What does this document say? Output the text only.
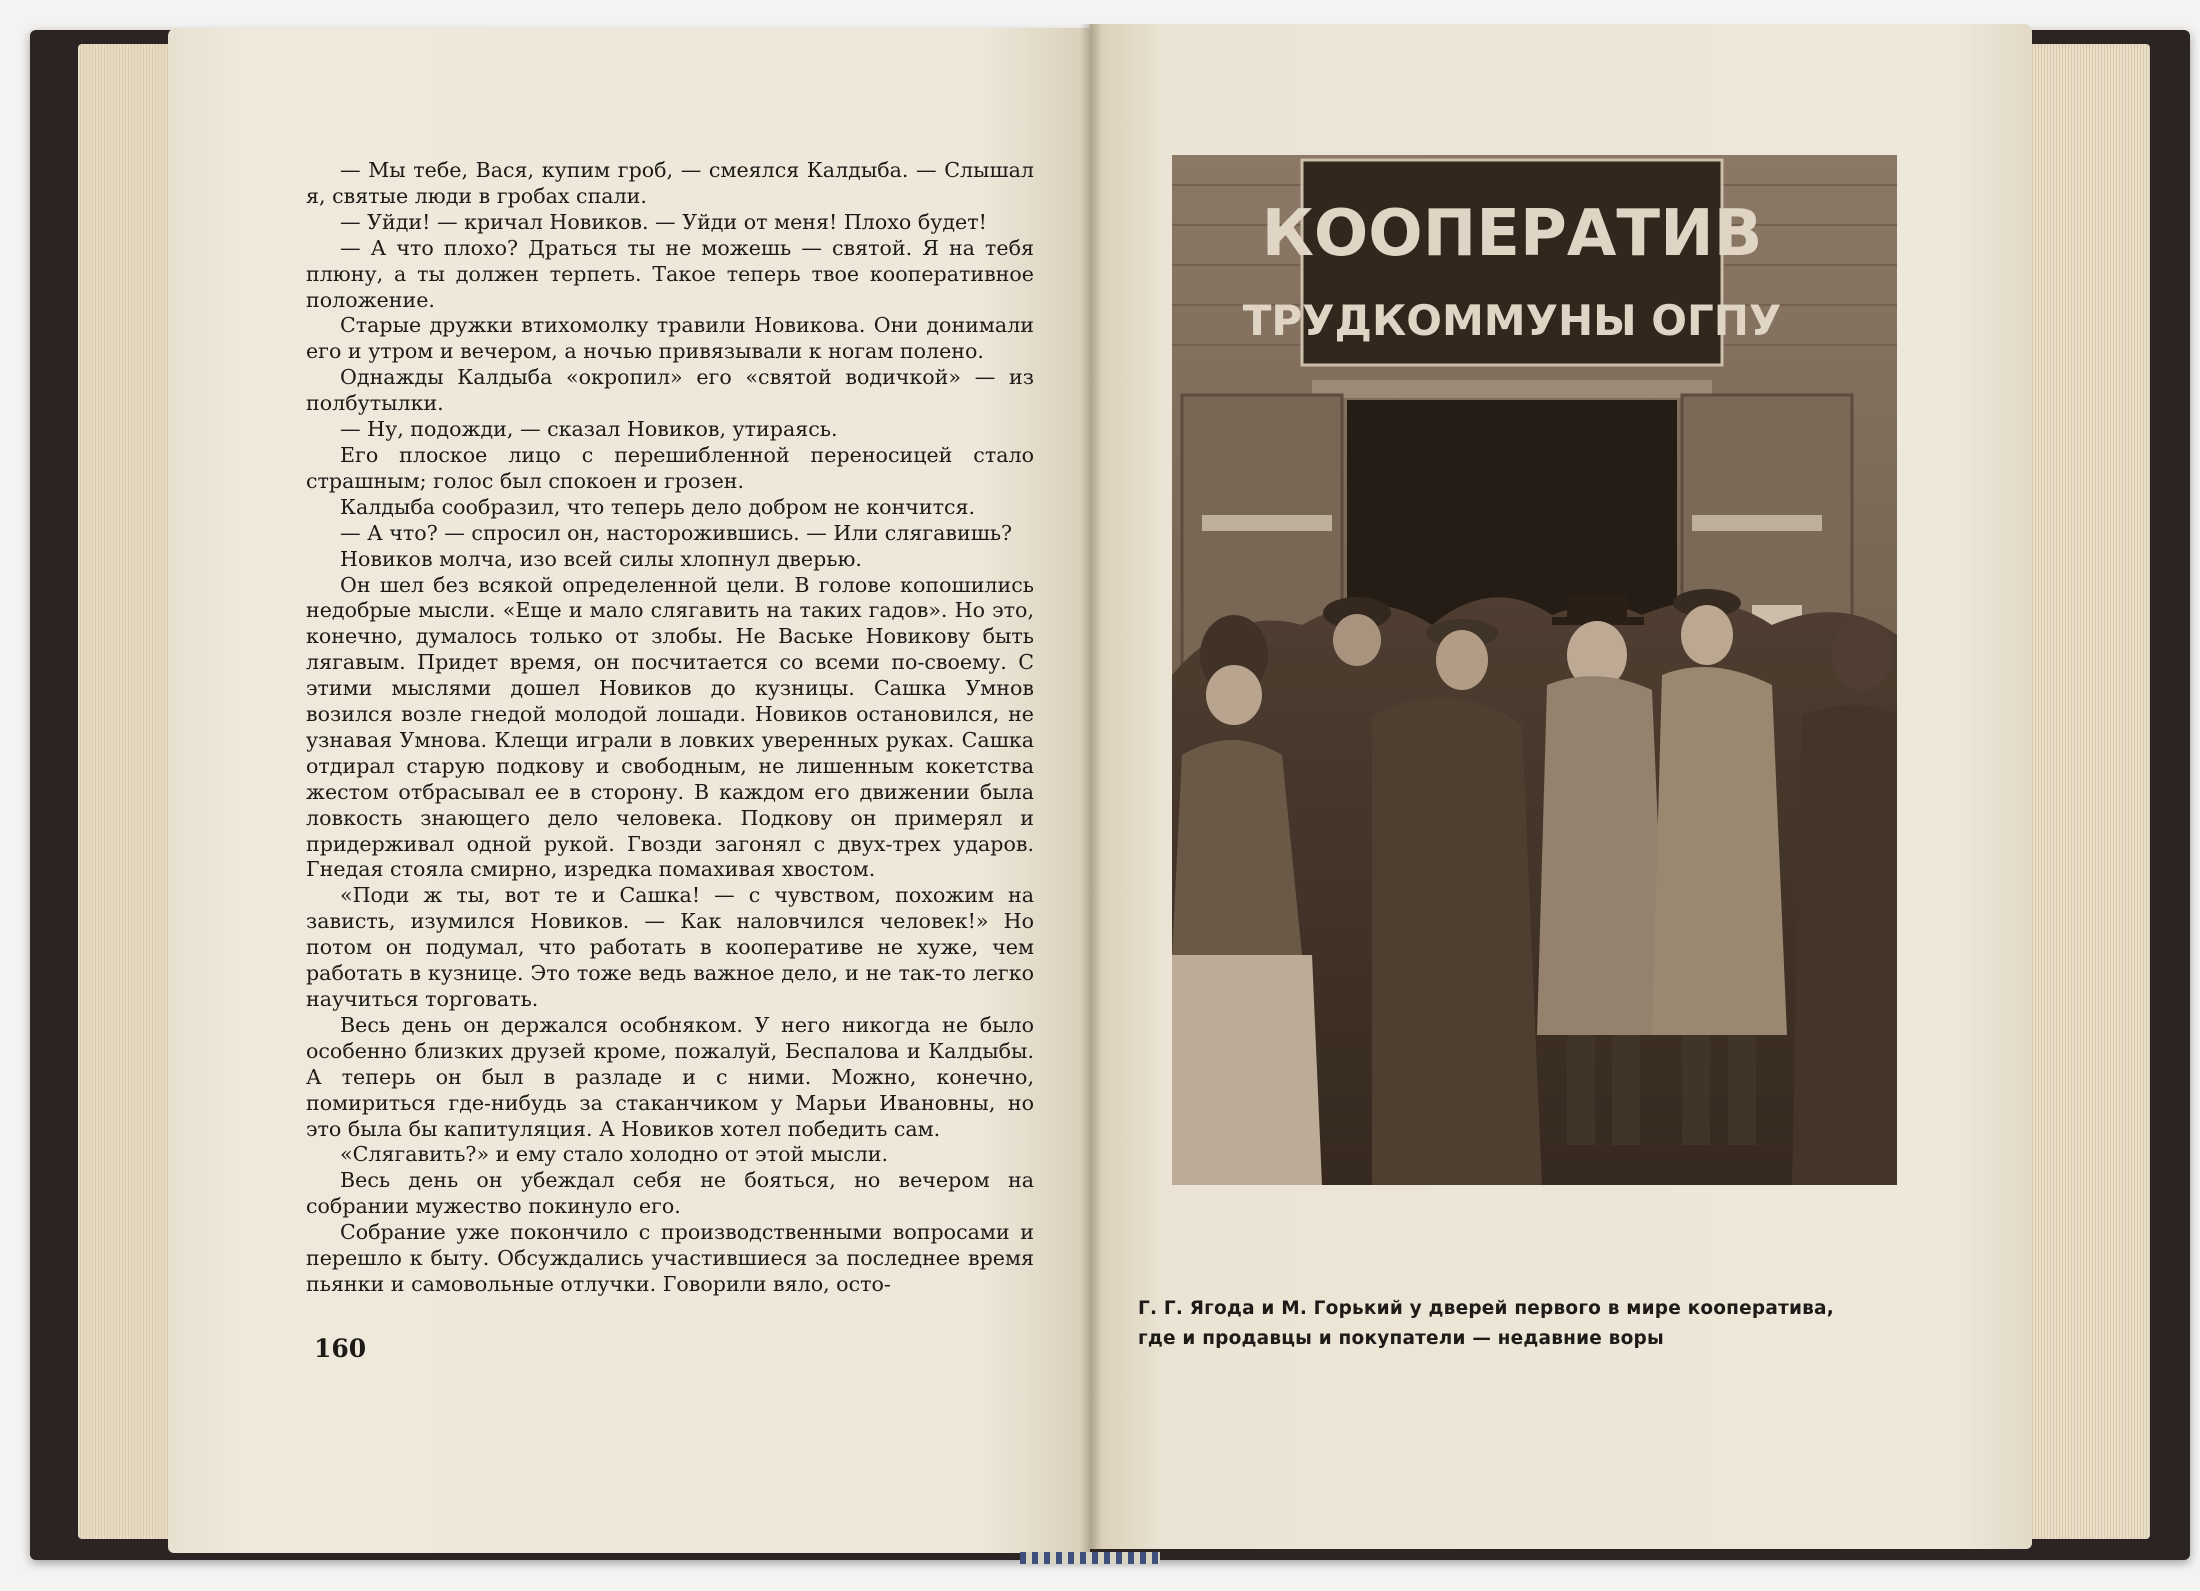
— Мы тебе, Вася, купим гроб, — смеялся Калдыба. — Слышал я, святые люди в гробах спали.

— Уйди! — кричал Новиков. — Уйди от меня! Плохо будет!

— А что плохо? Драться ты не можешь — святой. Я на тебя плюну, а ты должен терпеть. Такое теперь твое кооперативное положение.

Старые дружки втихомолку травили Новикова. Они донимали его и утром и вечером, а ночью привязывали к ногам полено.

Однажды Калдыба «окропил» его «святой водичкой» — из полбутылки.

— Ну, подожди, — сказал Новиков, утираясь.

Его плоское лицо с перешибленной переносицей стало страшным; голос был спокоен и грозен.

Калдыба сообразил, что теперь дело добром не кончится.

— А что? — спросил он, насторожившись. — Или слягавишь?

Новиков молча, изо всей силы хлопнул дверью.

Он шел без всякой определенной цели. В голове копошились недобрые мысли. «Еще и мало слягавить на таких гадов». Но это, конечно, думалось только от злобы. Не Ваське Новикову быть лягавым. Придет время, он посчитается со всеми по-своему. С этими мыслями дошел Новиков до кузницы. Сашка Умнов возился возле гнедой молодой лошади. Новиков остановился, не узнавая Умнова. Клещи играли в ловких уверенных руках. Сашка отдирал старую подкову и свободным, не лишенным кокетства жестом отбрасывал ее в сторону. В каждом его движении была ловкость знающего дело человека. Подкову он примерял и придерживал одной рукой. Гвозди загонял с двух-трех ударов. Гнедая стояла смирно, изредка помахивая хвостом.

«Поди ж ты, вот те и Сашка! — с чувством, похожим на зависть, изумился Новиков. — Как наловчился человек!» Но потом он подумал, что работать в кооперативе не хуже, чем работать в кузнице. Это тоже ведь важное дело, и не так-то легко научиться торговать.

Весь день он держался особняком. У него никогда не было особенно близких друзей кроме, пожалуй, Беспалова и Калдыбы. А теперь он был в разладе и с ними. Можно, конечно, помириться где-нибудь за стаканчиком у Марьи Ивановны, но это была бы капитуляция. А Новиков хотел победить сам.

«Слягавить?» и ему стало холодно от этой мысли.

Весь день он убеждал себя не бояться, но вечером на собрании мужество покинуло его.

Собрание уже покончило с производственными вопросами и перешло к быту. Обсуждались участившиеся за последнее время пьянки и самовольные отлучки. Говорили вяло, осто-

160
КООПЕРАТИВ
ТРУДКОММУНЫ ОГПУ
Г. Г. Ягода и М. Горький у дверей первого в мире кооператива,
где и продавцы и покупатели — недавние воры
